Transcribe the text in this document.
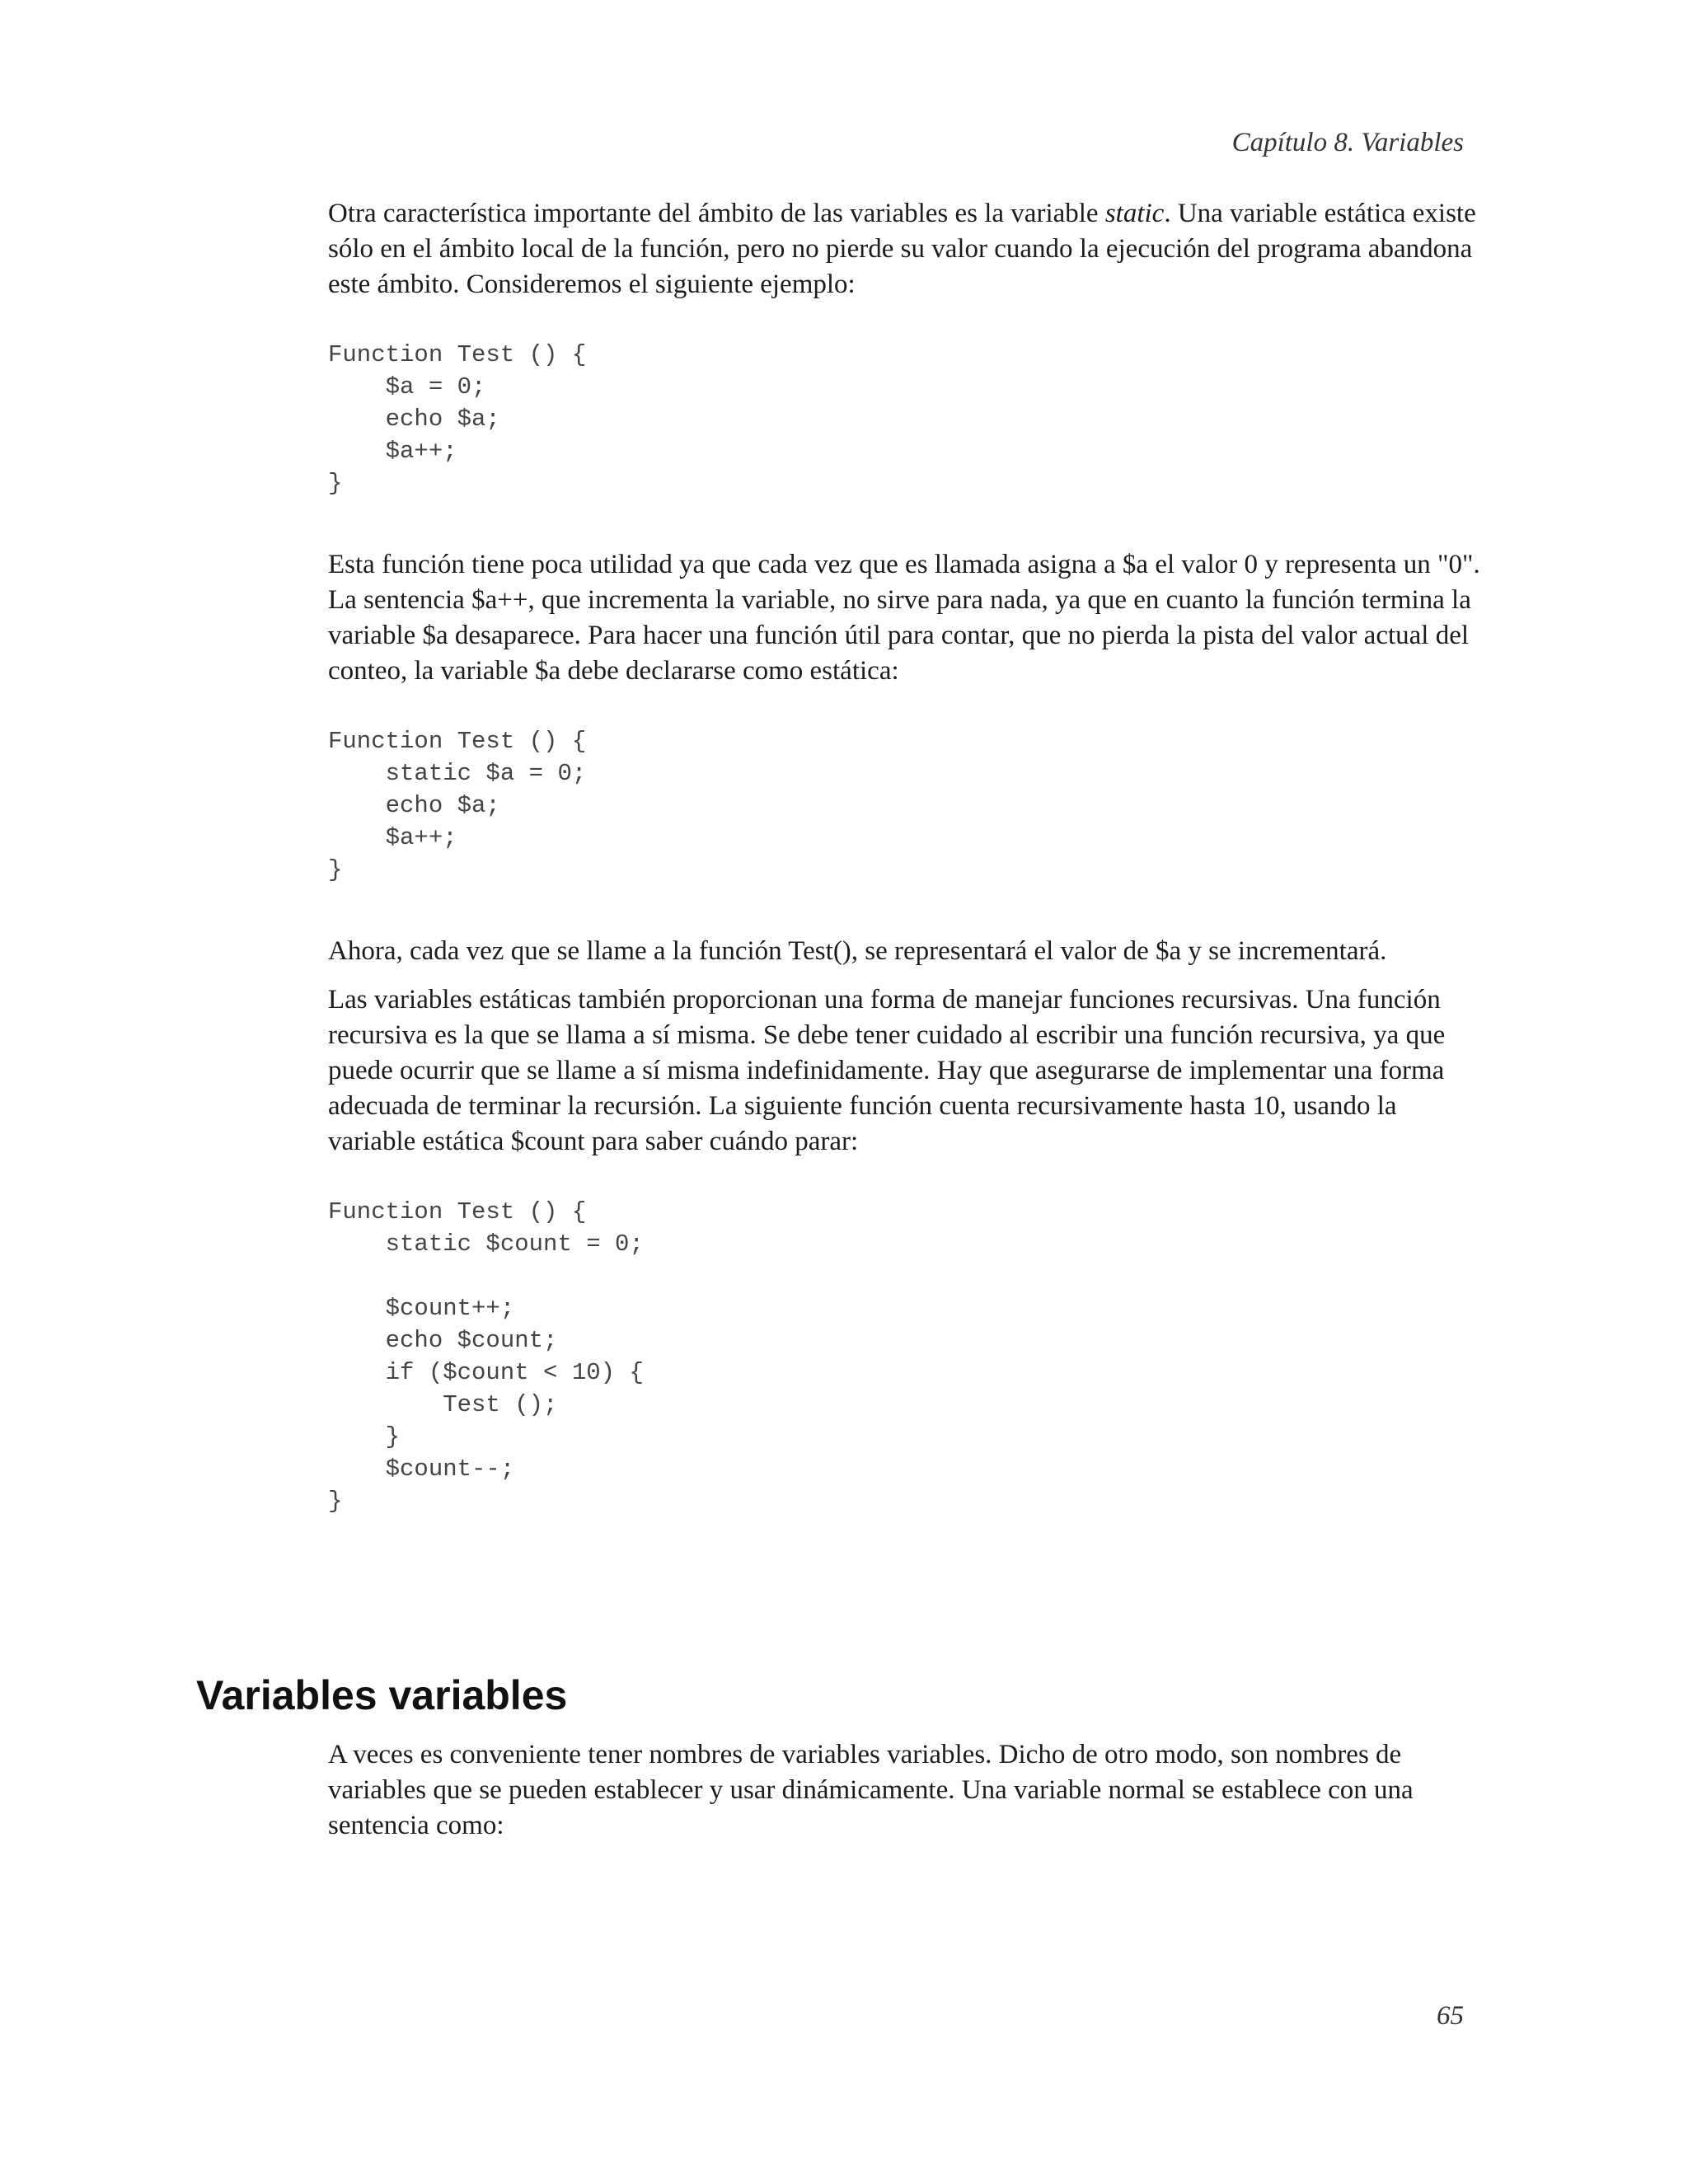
Capítulo 8. Variables

Otra característica importante del ámbito de las variables es la variable static. Una variable estática existe sólo en el ámbito local de la función, pero no pierde su valor cuando la ejecución del programa abandona este ámbito. Consideremos el siguiente ejemplo:

Function Test () {
$a = 0;
echo $a;
$a++;
}

Esta función tiene poca utilidad ya que cada vez que es llamada asigna a $a el valor 0 y representa un "0". La sentencia $a++, que incrementa la variable, no sirve para nada, ya que en cuanto la función termina la variable $a desaparece. Para hacer una función útil para contar, que no pierda la pista del valor actual del conteo, la variable $a debe declararse como estática:

Function Test () {
static $a = 0;
echo $a;
$a++;
}

Ahora, cada vez que se llame a la función Test(), se representará el valor de $a y se incrementará.

Las variables estáticas también proporcionan una forma de manejar funciones recursivas. Una función recursiva es la que se llama a sí misma. Se debe tener cuidado al escribir una función recursiva, ya que puede ocurrir que se llame a sí misma indefinidamente. Hay que asegurarse de implementar una forma adecuada de terminar la recursión. La siguiente función cuenta recursivamente hasta 10, usando la variable estática $count para saber cuándo parar:

Function Test () {
static $count = 0;

$count++;
echo $count;
if ($count < 10) {
Test ();
}
$count--;
}
Variables variables

A veces es conveniente tener nombres de variables variables. Dicho de otro modo, son nombres de variables que se pueden establecer y usar dinámicamente. Una variable normal se establece con una sentencia como:

65
